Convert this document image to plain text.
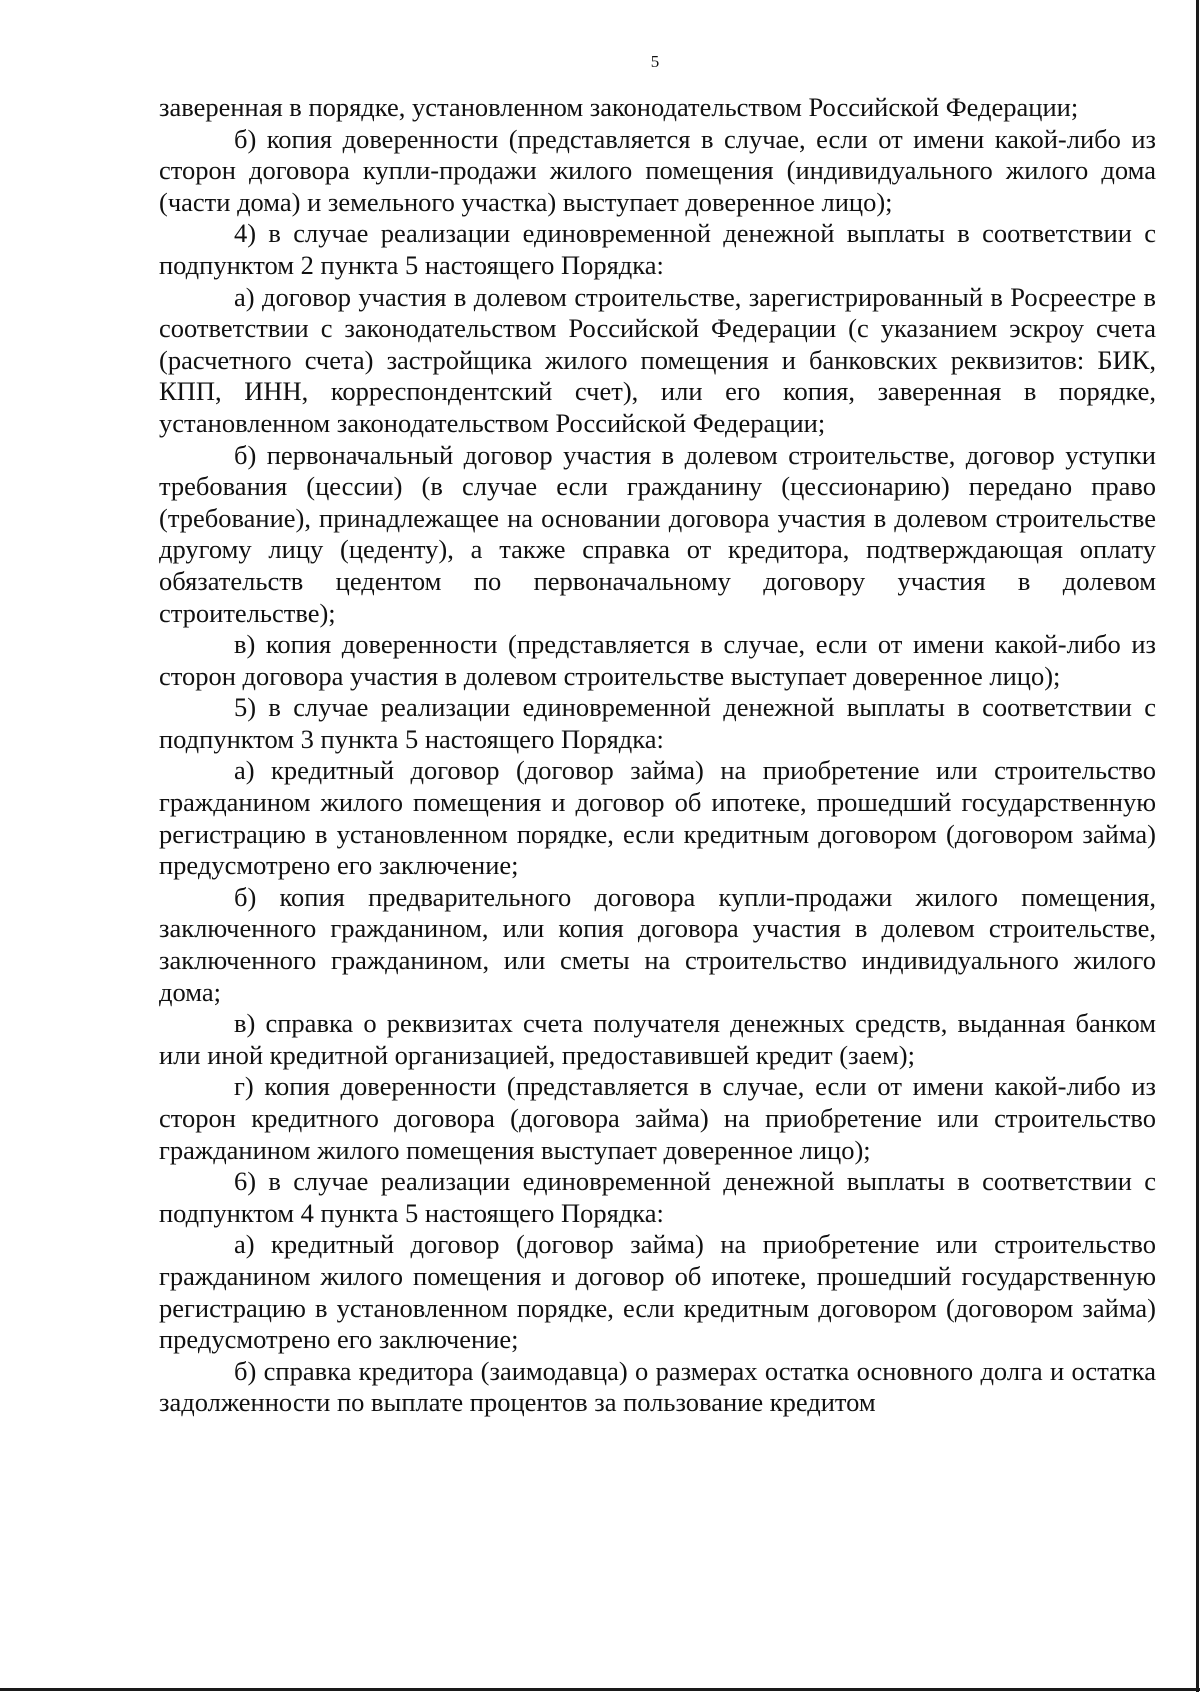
5

заверенная в порядке, установленном законодательством Российской Федерации;

б) копия доверенности (представляется в случае, если от имени какой-либо из сторон договора купли-продажи жилого помещения (индивидуального жилого дома (части дома) и земельного участка) выступает доверенное лицо);

4) в случае реализации единовременной денежной выплаты в соответствии с подпунктом 2 пункта 5 настоящего Порядка:

а) договор участия в долевом строительстве, зарегистрированный в Росреестре в соответствии с законодательством Российской Федерации (с указанием эскроу счета (расчетного счета) застройщика жилого помещения и банковских реквизитов: БИК, КПП, ИНН, корреспондентский счет), или его копия, заверенная в порядке, установленном законодательством Российской Федерации;

б) первоначальный договор участия в долевом строительстве, договор уступки требования (цессии) (в случае если гражданину (цессионарию) передано право (требование), принадлежащее на основании договора участия в долевом строительстве другому лицу (цеденту), а также справка от кредитора, подтверждающая оплату обязательств цедентом по первоначальному договору участия в долевом строительстве);

в) копия доверенности (представляется в случае, если от имени какой-либо из сторон договора участия в долевом строительстве выступает доверенное лицо);

5) в случае реализации единовременной денежной выплаты в соответствии с подпунктом 3 пункта 5 настоящего Порядка:

а) кредитный договор (договор займа) на приобретение или строительство гражданином жилого помещения и договор об ипотеке, прошедший государственную регистрацию в установленном порядке, если кредитным договором (договором займа) предусмотрено его заключение;

б) копия предварительного договора купли-продажи жилого помещения, заключенного гражданином, или копия договора участия в долевом строительстве, заключенного гражданином, или сметы на строительство индивидуального жилого дома;

в) справка о реквизитах счета получателя денежных средств, выданная банком или иной кредитной организацией, предоставившей кредит (заем);

г) копия доверенности (представляется в случае, если от имени какой-либо из сторон кредитного договора (договора займа) на приобретение или строительство гражданином жилого помещения выступает доверенное лицо);

6) в случае реализации единовременной денежной выплаты в соответствии с подпунктом 4 пункта 5 настоящего Порядка:

а) кредитный договор (договор займа) на приобретение или строительство гражданином жилого помещения и договор об ипотеке, прошедший государственную регистрацию в установленном порядке, если кредитным договором (договором займа) предусмотрено его заключение;

б) справка кредитора (заимодавца) о размерах остатка основного долга и остатка задолженности по выплате процентов за пользование кредитом
